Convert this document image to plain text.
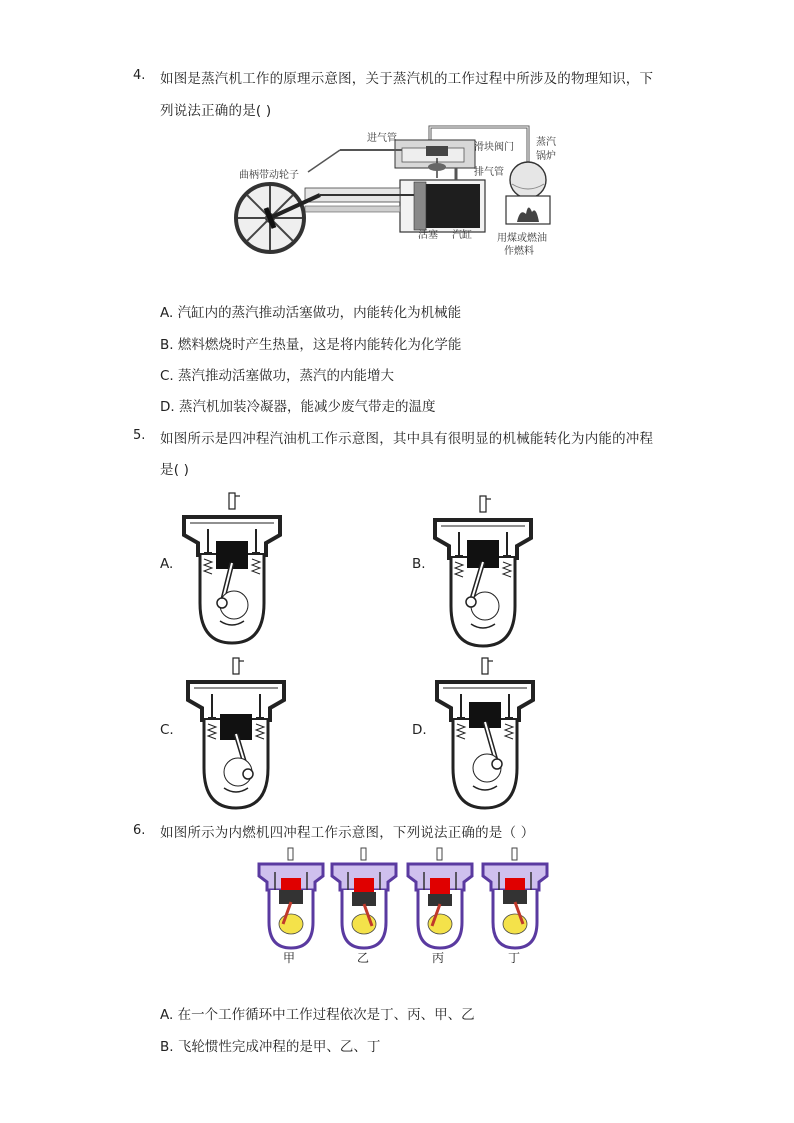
4. 如图是蒸汽机工作的原理示意图，关于蒸汽机的工作过程中所涉及的物理知识，下
列说法正确的是( )
进气管
滑块阀门
排气管
蒸汽
锅炉
曲柄带动轮子
活塞 汽缸	用煤或燃油
作燃料
A. 汽缸内的蒸汽推动活塞做功，内能转化为机械能
B. 燃料燃烧时产生热量，这是将内能转化为化学能
C. 蒸汽推动活塞做功，蒸汽的内能增大
D. 蒸汽机加装冷凝器，能减少废气带走的温度
5. 如图所示是四冲程汽油机工作示意图，其中具有很明显的机械能转化为内能的冲程
是( )
A.	B.
C.	D.
6. 如图所示为内燃机四冲程工作示意图，下列说法正确的是（ ）
甲	乙	丙	丁
A. 在一个工作循环中工作过程依次是丁、丙、甲、乙
B. 飞轮惯性完成冲程的是甲、乙、丁
